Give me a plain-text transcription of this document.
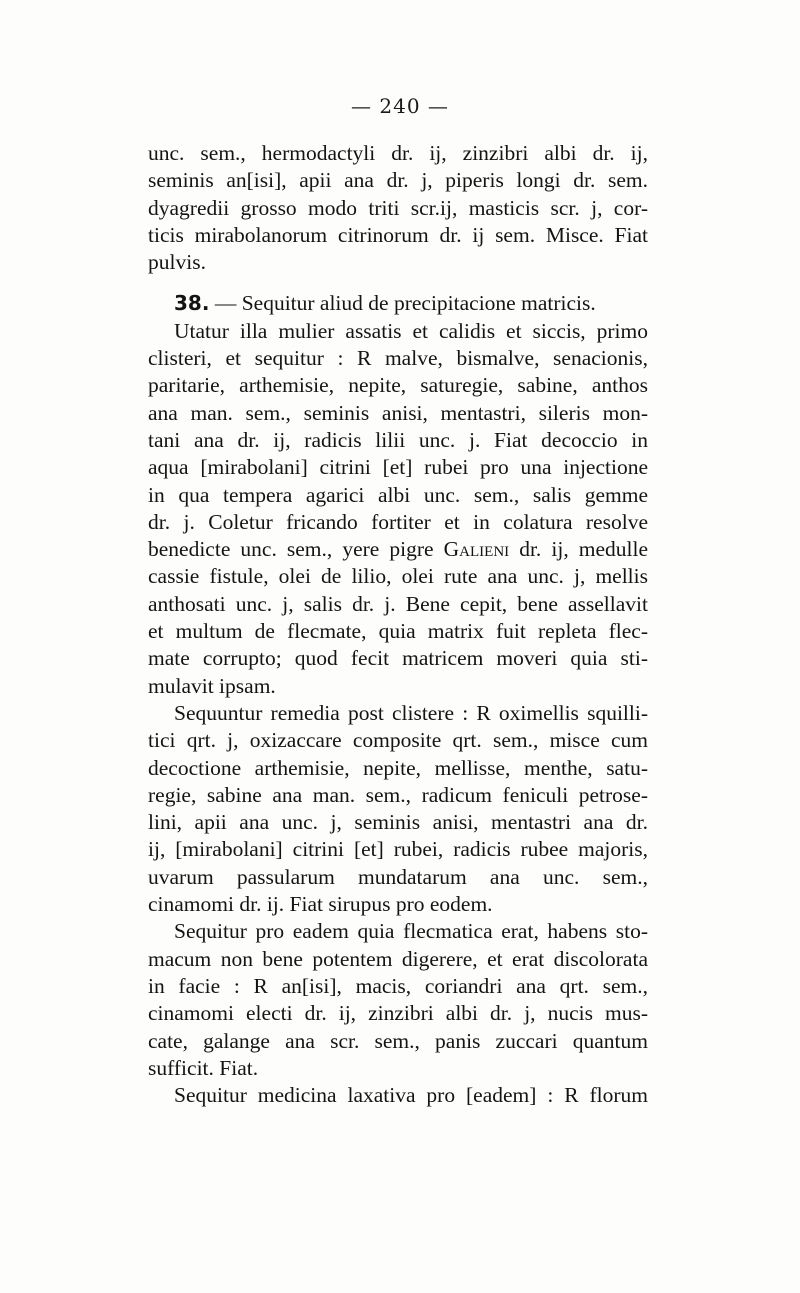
— 240 —
unc. sem., hermodactyli dr. ij, zinzibri albi dr. ij,
seminis an[isi], apii ana dr. j, piperis longi dr. sem.
dyagredii grosso modo triti scr.ij, masticis scr. j, cor-
ticis mirabolanorum citrinorum dr. ij sem. Misce. Fiat
pulvis.
38. — Sequitur aliud de precipitacione matricis.
Utatur illa mulier assatis et calidis et siccis, primo
clisteri, et sequitur : R malve, bismalve, senacionis,
paritarie, arthemisie, nepite, saturegie, sabine, anthos
ana man. sem., seminis anisi, mentastri, sileris mon-
tani ana dr. ij, radicis lilii unc. j. Fiat decoccio in
aqua [mirabolani] citrini [et] rubei pro una injectione
in qua tempera agarici albi unc. sem., salis gemme
dr. j. Coletur fricando fortiter et in colatura resolve
benedicte unc. sem., yere pigre Galieni dr. ij, medulle
cassie fistule, olei de lilio, olei rute ana unc. j, mellis
anthosati unc. j, salis dr. j. Bene cepit, bene assellavit
et multum de flecmate, quia matrix fuit repleta flec-
mate corrupto; quod fecit matricem moveri quia sti-
mulavit ipsam.
Sequuntur remedia post clistere : R oximellis squilli-
tici qrt. j, oxizaccare composite qrt. sem., misce cum
decoctione arthemisie, nepite, mellisse, menthe, satu-
regie, sabine ana man. sem., radicum feniculi petrose-
lini, apii ana unc. j, seminis anisi, mentastri ana dr.
ij, [mirabolani] citrini [et] rubei, radicis rubee majoris,
uvarum passularum mundatarum ana unc. sem.,
cinamomi dr. ij. Fiat sirupus pro eodem.
Sequitur pro eadem quia flecmatica erat, habens sto-
macum non bene potentem digerere, et erat discolorata
in facie : R an[isi], macis, coriandri ana qrt. sem.,
cinamomi electi dr. ij, zinzibri albi dr. j, nucis mus-
cate, galange ana scr. sem., panis zuccari quantum
sufficit. Fiat.
Sequitur medicina laxativa pro [eadem] : R florum
